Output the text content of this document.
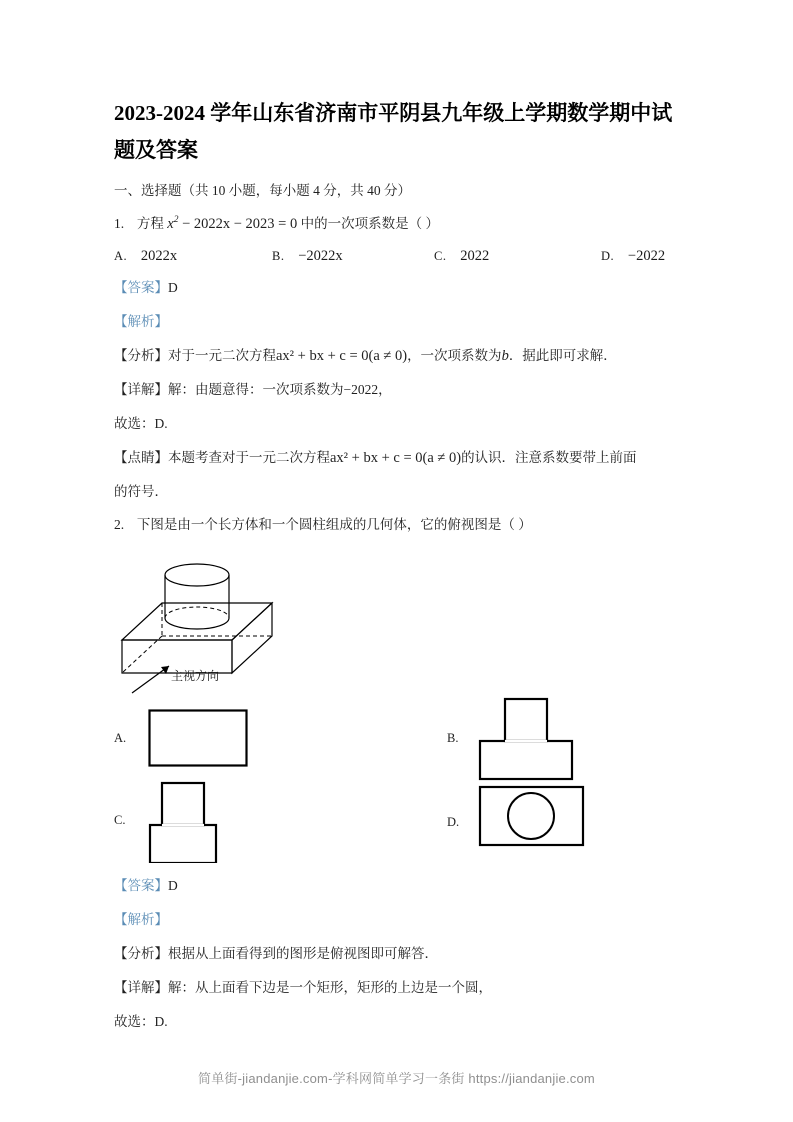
2023-2024 学年山东省济南市平阴县九年级上学期数学期中试题及答案

一、选择题（共 10 小题，每小题 4 分，共 40 分）

1. 方程 $x^2 - 2022x - 2023 = 0$ 中的一次项系数是（ ）

A. 2022x	B. −2022x	C. 2022	D. −2022

【答案】D

【解析】

【分析】对于一元二次方程ax² + bx + c = 0(a ≠ 0)，一次项系数为b．据此即可求解．

【详解】解：由题意得：一次项系数为−2022，

故选：D.

【点睛】本题考查对于一元二次方程ax² + bx + c = 0(a ≠ 0)的认识．注意系数要带上前面

的符号．

2. 下图是由一个长方体和一个圆柱组成的几何体，它的俯视图是（ ）

主视方向
A.	B.
C.	D.

【答案】D

【解析】

【分析】根据从上面看得到的图形是俯视图即可解答．

【详解】解：从上面看下边是一个矩形，矩形的上边是一个圆，

故选：D.

简单街-jiandanjie.com-学科网简单学习一条街 https://jiandanjie.com
